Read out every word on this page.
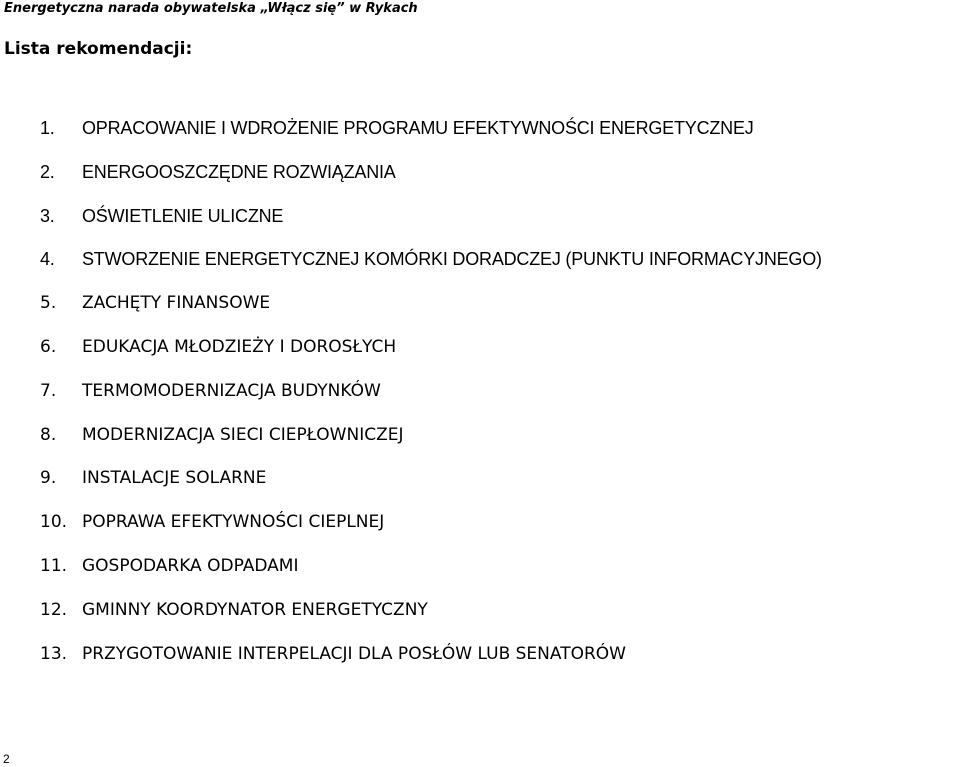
Energetyczna narada obywatelska „Włącz się” w Rykach
Lista rekomendacji:
1.	OPRACOWANIE I WDROŻENIE PROGRAMU EFEKTYWNOŚCI ENERGETYCZNEJ
2.	ENERGOOSZCZĘDNE ROZWIĄZANIA
3.	OŚWIETLENIE ULICZNE
4.	STWORZENIE ENERGETYCZNEJ KOMÓRKI DORADCZEJ (PUNKTU INFORMACYJNEGO)
5.	ZACHĘTY FINANSOWE
6.	EDUKACJA MŁODZIEŻY I DOROSŁYCH
7.	TERMOMODERNIZACJA BUDYNKÓW
8.	MODERNIZACJA SIECI CIEPŁOWNICZEJ
9.	INSTALACJE SOLARNE
10. POPRAWA EFEKTYWNOŚCI CIEPLNEJ
11. GOSPODARKA ODPADAMI
12. GMINNY KOORDYNATOR ENERGETYCZNY
13. PRZYGOTOWANIE INTERPELACJI DLA POSŁÓW LUB SENATORÓW
2
